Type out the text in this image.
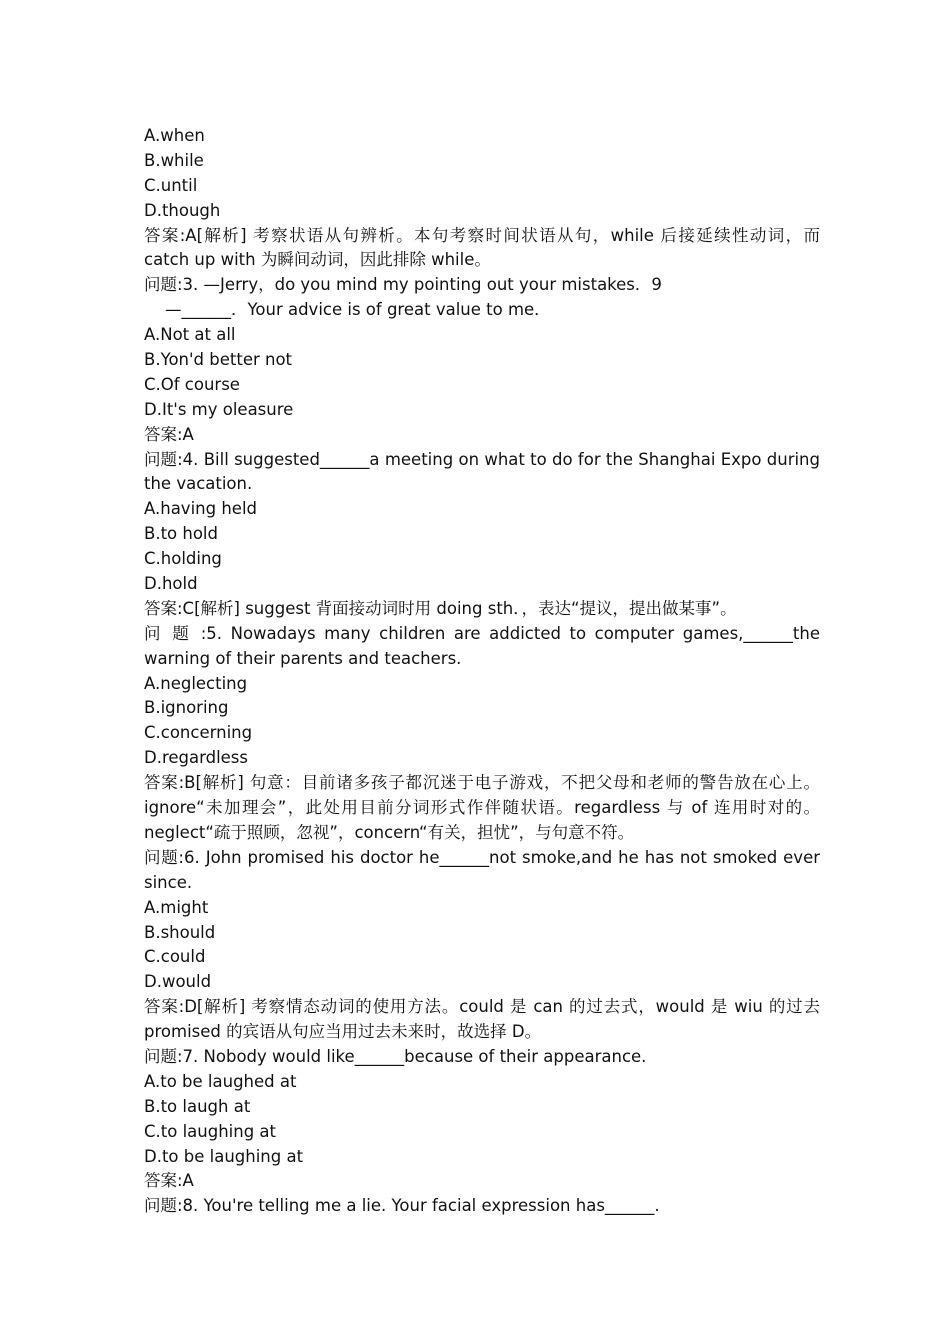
A.when
B.while
C.until
D.though
答案:A[解析] 考察状语从句辨析。本句考察时间状语从句，while 后接延续性动词，而
catch up with 为瞬间动词，因此排除 while。
问题:3. —Jerry，do you mind my pointing out your mistakes．9
—______．Your advice is of great value to me．
A.Not at all
B.Yon'd better not
C.Of course
D.It's my oleasure
答案:A
问题:4. Bill suggested______a meeting on what to do for the Shanghai Expo during
the vacation.
A.having held
B.to hold
C.holding
D.hold
答案:C[解析] suggest 背面接动词时用 doing sth．，表达“提议，提出做某事”。
问 题 :5. Nowadays many children are addicted to computer games,______the
warning of their parents and teachers.
A.neglecting
B.ignoring
C.concerning
D.regardless
答案:B[解析] 句意：目前诸多孩子都沉迷于电子游戏，不把父母和老师的警告放在心上。
ignore“未加理会”，此处用目前分词形式作伴随状语。regardless 与 of 连用时对的。
neglect“疏于照顾，忽视”，concern“有关，担忧”，与句意不符。
问题:6. John promised his doctor he______not smoke,and he has not smoked ever
since.
A.might
B.should
C.could
D.would
答案:D[解析] 考察情态动词的使用方法。could 是 can 的过去式，would 是 wiu 的过去
promised 的宾语从句应当用过去未来时，故选择 D。
问题:7. Nobody would like______because of their appearance.
A.to be laughed at
B.to laugh at
C.to laughing at
D.to be laughing at
答案:A
问题:8. You're telling me a lie. Your facial expression has______.
